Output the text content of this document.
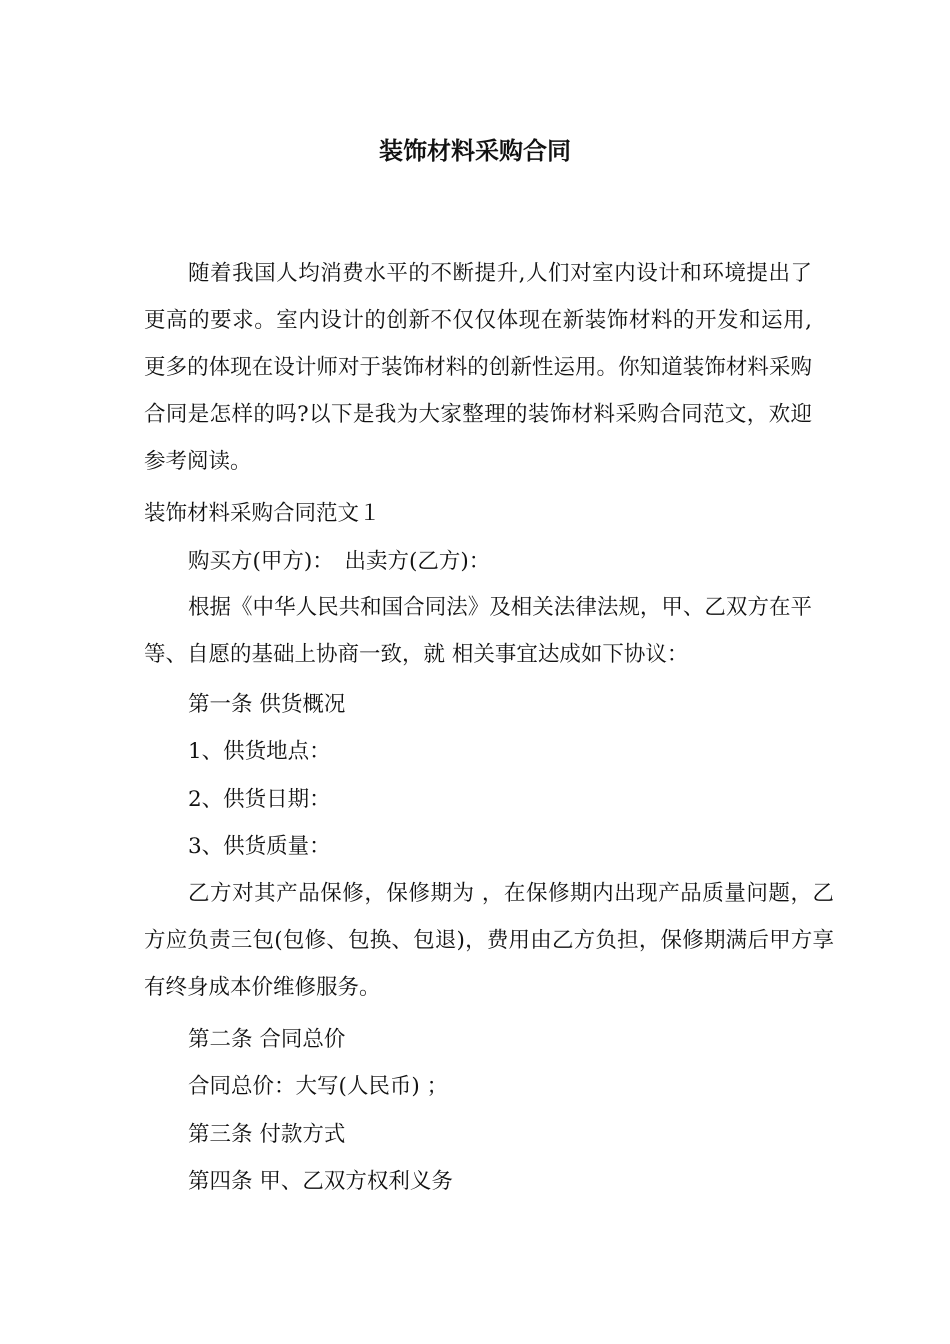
装饰材料采购合同

随着我国人均消费水平的不断提升,人们对室内设计和环境提出了更高的要求。室内设计的创新不仅仅体现在新装饰材料的开发和运用,更多的体现在设计师对于装饰材料的创新性运用。你知道装饰材料采购合同是怎样的吗?以下是我为大家整理的装饰材料采购合同范文，欢迎参考阅读。

装饰材料采购合同范文１

购买方(甲方)：　出卖方(乙方)：

根据《中华人民共和国合同法》及相关法律法规，甲、乙双方在平等、自愿的基础上协商一致，就 相关事宜达成如下协议：

第一条 供货概况

1、供货地点：

2、供货日期：

3、供货质量：

乙方对其产品保修，保修期为 ，在保修期内出现产品质量问题，乙方应负责三包(包修、包换、包退)，费用由乙方负担，保修期满后甲方享有终身成本价维修服务。

第二条 合同总价

合同总价：大写(人民币) ；

第三条 付款方式

第四条 甲、乙双方权利义务
